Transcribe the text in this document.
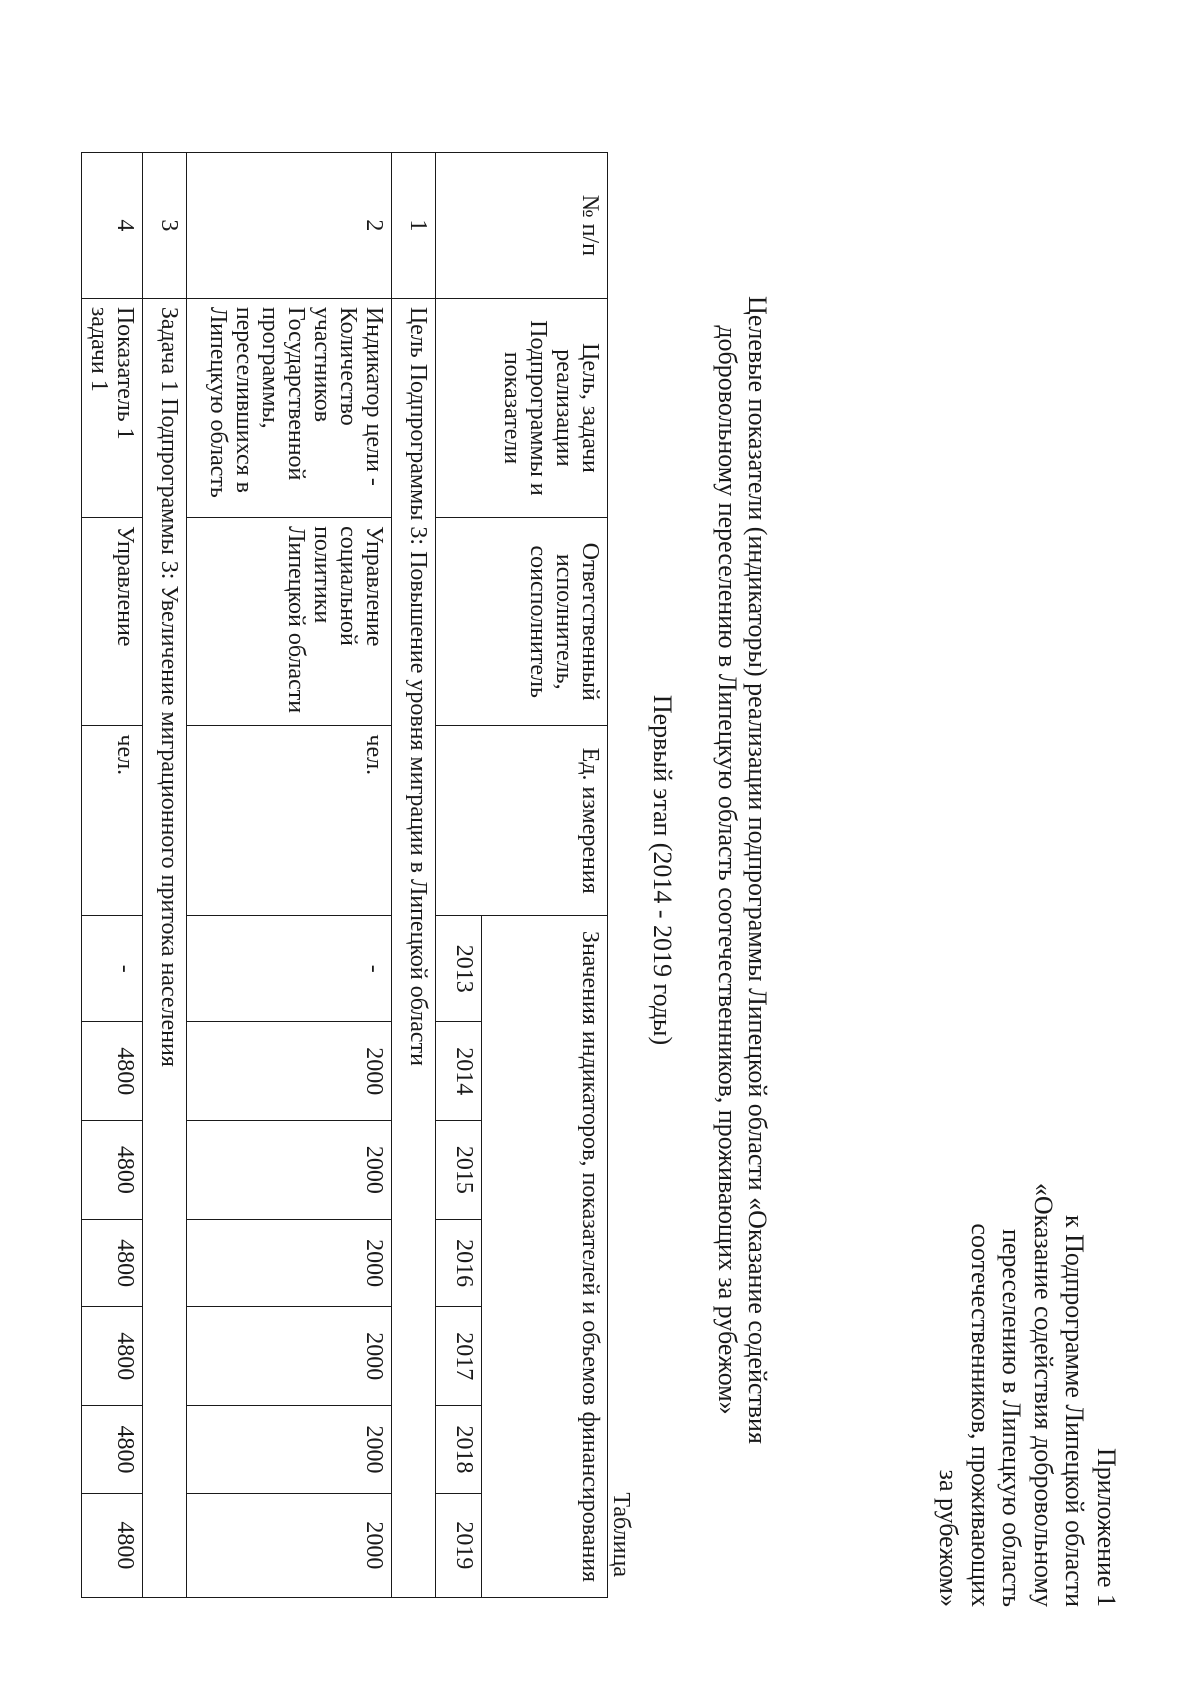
Приложение 1
к Подпрограмме Липецкой области
«Оказание содействия добровольному
переселению в Липецкую область
соотечественников, проживающих
за рубежом»
Целевые показатели (индикаторы) реализации подпрограммы Липецкой области «Оказание содействия
добровольному переселению в Липецкую область соотечественников, проживающих за рубежом»
Первый этап (2014 - 2019 годы)
Таблица
№ п/п	Цель, задачи реализации Подпрограммы и показатели	Ответственный исполнитель, соисполнитель	Ед. измерения	Значения индикаторов, показателей и объемов финансирования						
				2013	2014	2015	2016	2017	2018	2019
1	Цель Подпрограммы 3: Повышение уровня миграции в Липецкой области									
2	Индикатор цели - Количество участников Государственной программы, переселившихся в Липецкую область	Управление социальной политики Липецкой области	чел.	-	2000	2000	2000	2000	2000	2000
3	Задача 1 Подпрограммы 3: Увеличение миграционного притока населения									
4	Показатель 1 задачи 1	Управление	чел.	-	4800	4800	4800	4800	4800	4800
